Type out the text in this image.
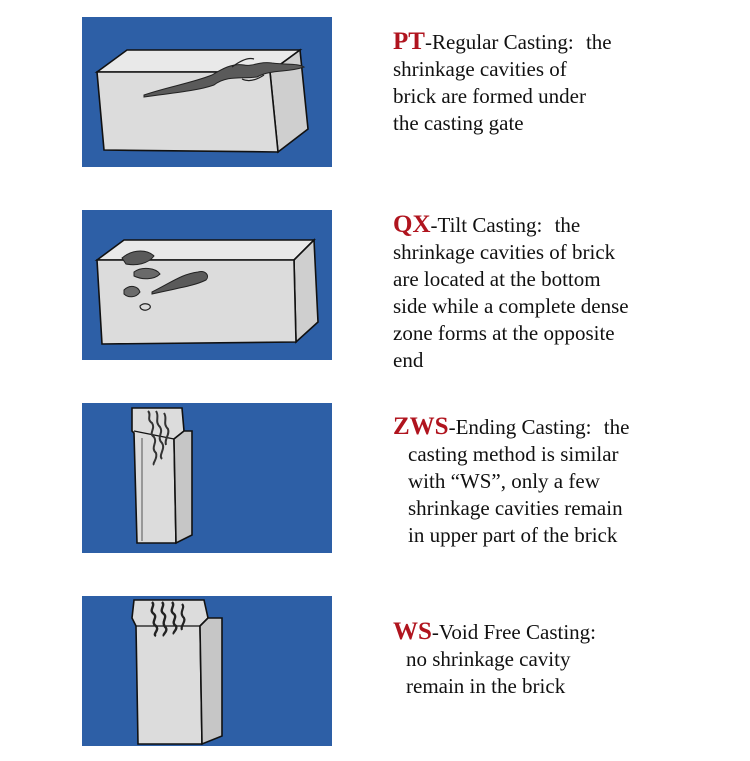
PT-Regular Casting: the
shrinkage cavities of
brick are formed under
the casting gate
QX-Tilt Casting: the
shrinkage cavities of brick
are located at the bottom
side while a complete dense
zone forms at the opposite
end
ZWS-Ending Casting: the
casting method is similar
with “WS”, only a few
shrinkage cavities remain
in upper part of the brick
WS-Void Free Casting:
no shrinkage cavity
remain in the brick
